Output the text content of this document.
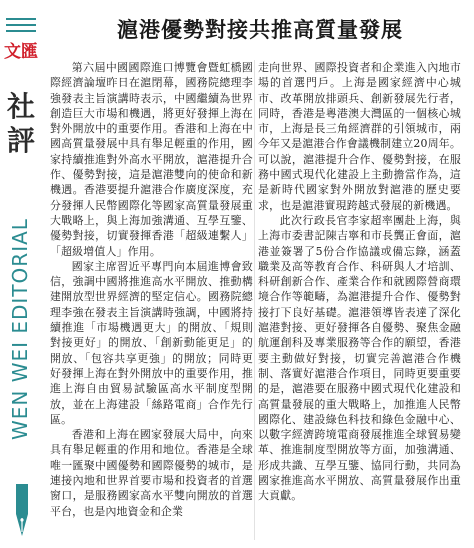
文匯
社評
WEN WEI EDITORIAL
滬港優勢對接共推高質量發展

第六屆中國國際進口博覽會暨虹橋國際經濟論壇昨日在滬閉幕，國務院總理李強發表主旨演講時表示，中國繼續為世界創造巨大市場和機遇，將更好發揮上海在對外開放中的重要作用。香港和上海在中國高質量發展中具有舉足輕重的作用，國家持續推進對外高水平開放，滬港提升合作、優勢對接，這是滬港雙向的使命和新機遇。香港要提升滬港合作廣度深度，充分發揮人民幣國際化等國家高質量發展重大戰略上，與上海加強溝通、互學互鑒、優勢對接，切實發揮香港「超級連繫人」「超級增值人」作用。

國家主席習近平專門向本屆進博會致信，強調中國將推進高水平開放、推動構建開放型世界經濟的堅定信心。國務院總理李強在發表主旨演講時強調，中國將持續推進「市場機遇更大」的開放、「規則對接更好」的開放、「創新動能更足」的開放、「包容共享更強」的開放；同時更好發揮上海在對外開放中的重要作用，推進上海自由貿易試驗區高水平制度型開放，並在上海建設「絲路電商」合作先行區。

香港和上海在國家發展大局中，向來具有舉足輕重的作用和地位。香港是全球唯一匯聚中國優勢和國際優勢的城市，是連接內地和世界首要市場和投資者的首選窗口，是服務國家高水平雙向開放的首選平台，也是內地資金和企業

走向世界、國際投資者和企業進入內地市場的首選門戶。上海是國家經濟中心城市、改革開放排頭兵、創新發展先行者，同時，香港是粵港澳大灣區的一個核心城市，上海是長三角經濟群的引領城市，兩今年又是滬港合作會議機制建立20周年。可以說，滬港提升合作、優勢對接，在服務中國式現代化建設上主動擔當作為，這是新時代國家對外開放對滬港的歷史要求，也是滬港實現跨越式發展的新機遇。

此次行政長官李家超率團赴上海，與上海市委書記陳吉寧和市長龔正會面，滬港並簽署了5份合作協議或備忘錄，涵蓋職業及高等教育合作、科研與人才培訓、科研創新合作、產業合作和就國際營商環境合作等範疇，為滬港提升合作、優勢對接打下良好基礎。滬港領導皆表達了深化滬港對接、更好發揮各自優勢、聚焦金融航運創科及專業服務等合作的願望，香港要主動做好對接，切實完善滬港合作機制、落實好滬港合作項目，同時更要重要的是，滬港要在服務中國式現代化建設和高質量發展的重大戰略上，加推進人民幣國際化、建設綠色科技和綠色金融中心、以數字經濟跨境電商發展推進全球貿易變革、推進制度型開放等方面，加強溝通、形成共識、互學互鑒、協同行動，共同為國家推進高水平開放、高質量發展作出重大貢獻。
